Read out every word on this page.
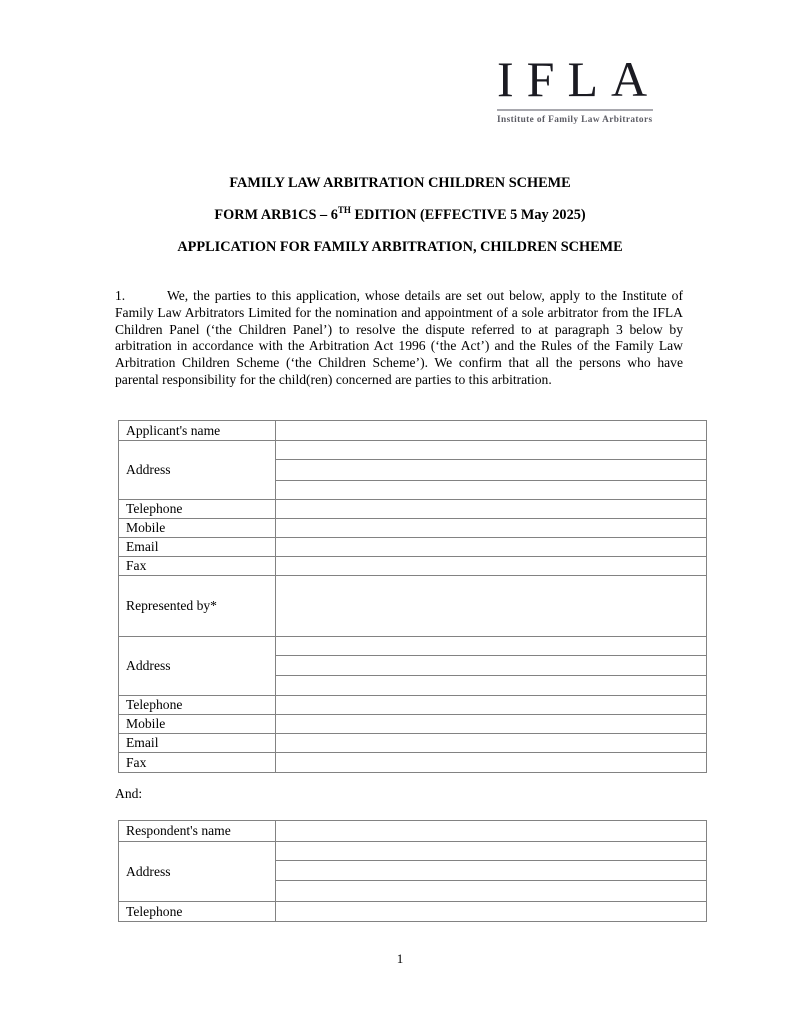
IFLA
Institute of Family Law Arbitrators
FAMILY LAW ARBITRATION CHILDREN SCHEME
FORM ARB1CS – 6TH EDITION (EFFECTIVE 5 May 2025)
APPLICATION FOR FAMILY ARBITRATION, CHILDREN SCHEME
1.	We, the parties to this application, whose details are set out below, apply to the Institute of Family Law Arbitrators Limited for the nomination and appointment of a sole arbitrator from the IFLA Children Panel (‘the Children Panel’) to resolve the dispute referred to at paragraph 3 below by arbitration in accordance with the Arbitration Act 1996 (‘the Act’) and the Rules of the Family Law Arbitration Children Scheme (‘the Children Scheme’). We confirm that all the persons who have parental responsibility for the child(ren) concerned are parties to this arbitration.
Applicant's name	
Address	

Telephone	
Mobile	
Email	
Fax	
Represented by*	
Address	

Telephone	
Mobile	
Email	
Fax	
And:
Respondent's name	
Address	

Telephone	
1
